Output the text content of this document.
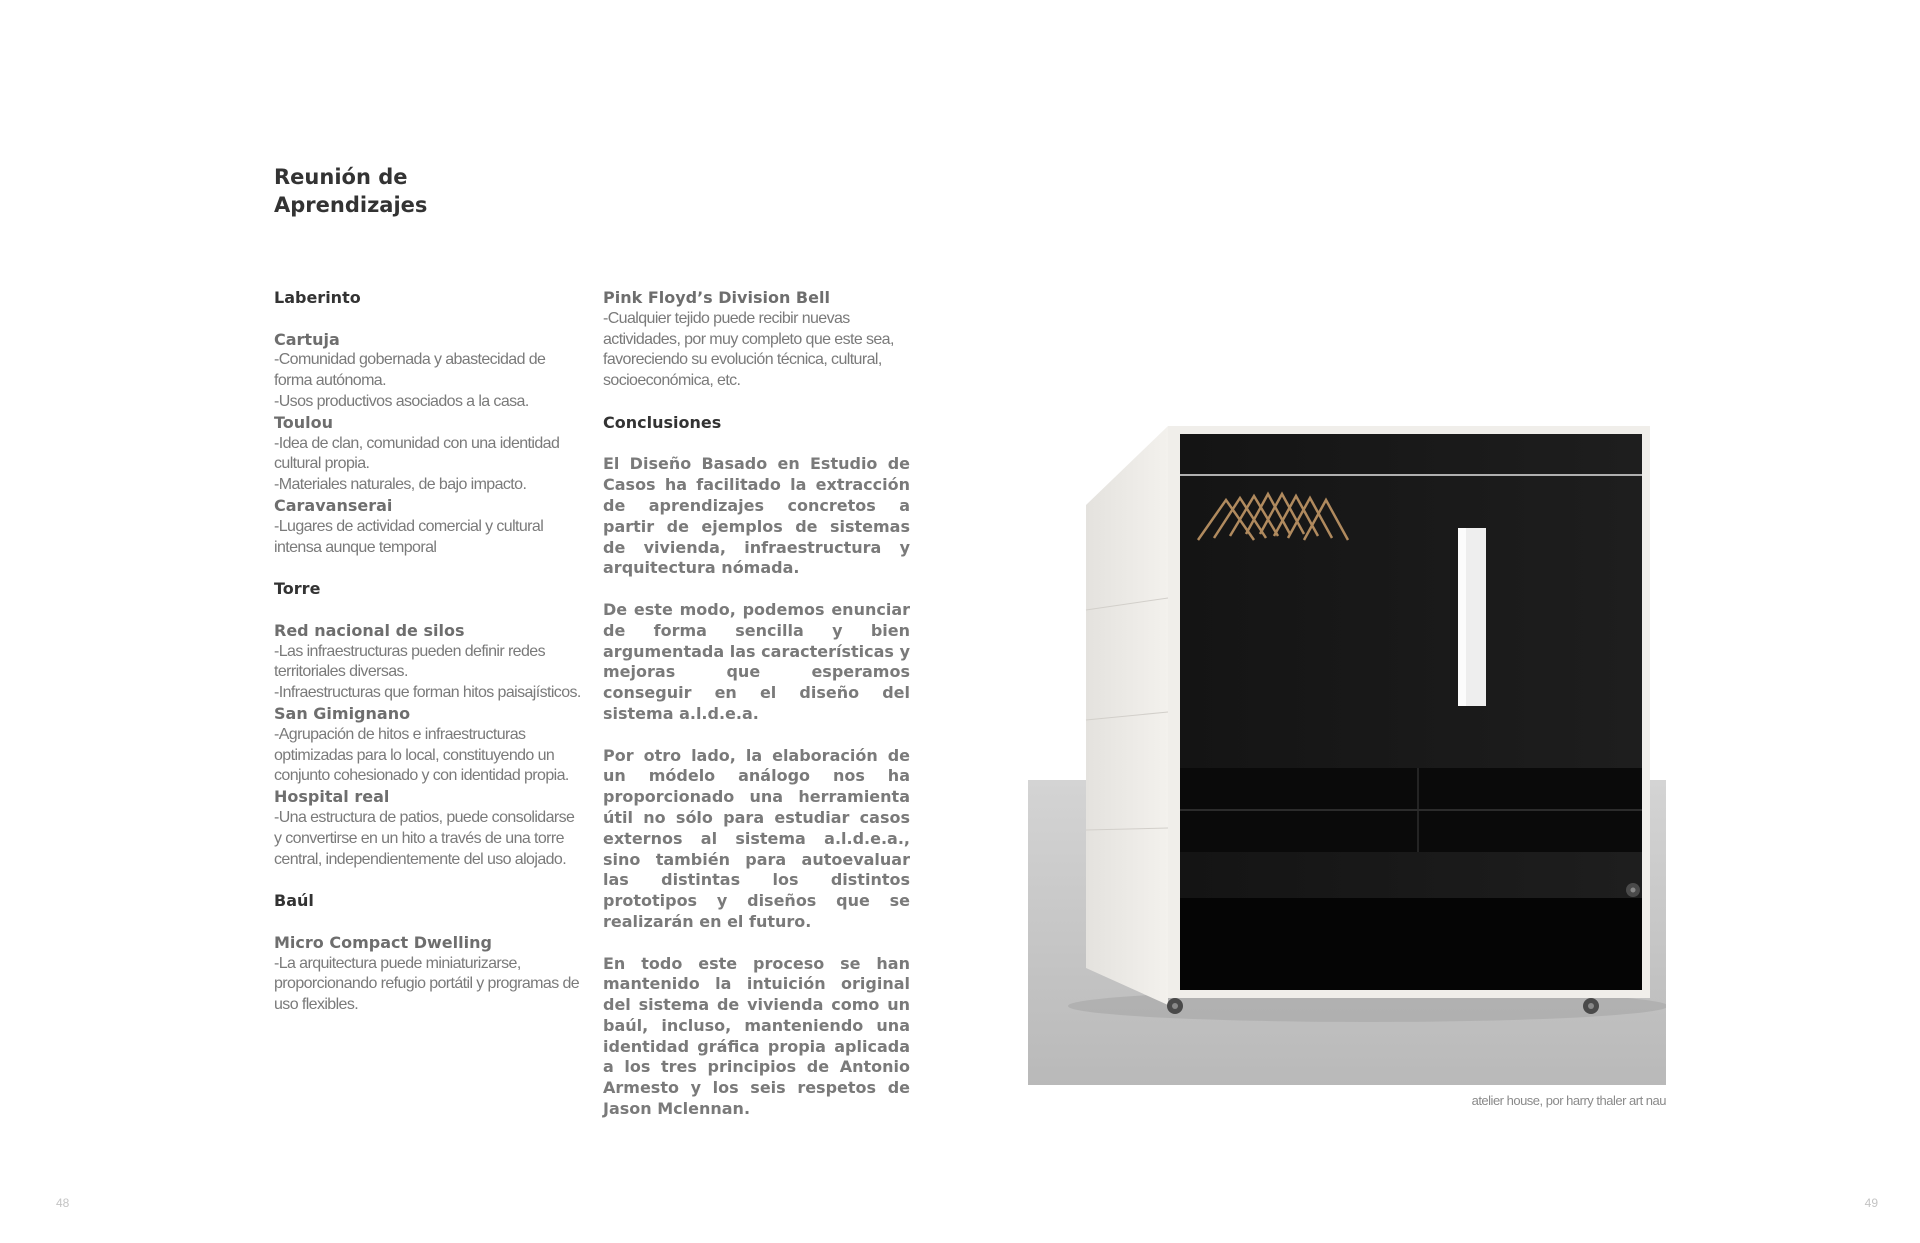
Reunión de
Aprendizajes
Laberinto
Cartuja

-Comunidad gobernada y abastecidad de forma autónoma.

-Usos productivos asociados a la casa.

Toulou

-Idea de clan, comunidad con una identidad cultural propia.

-Materiales naturales, de bajo impacto.

Caravanserai

-Lugares de actividad comercial y cultural intensa aunque temporal

Torre
Red nacional de silos

-Las infraestructuras pueden definir redes territoriales diversas.

-Infraestructuras que forman hitos paisajísticos.

San Gimignano

-Agrupación de hitos e infraestructuras optimizadas para lo local, constituyendo un conjunto cohesionado y con identidad propia.

Hospital real

-Una estructura de patios, puede consolidarse y convertirse en un hito a través de una torre central, independientemente del uso alojado.

Baúl
Micro Compact Dwelling

-La arquitectura puede miniaturizarse, proporcionando refugio portátil y programas de uso flexibles.

Pink Floyd’s Division Bell

-Cualquier tejido puede recibir nuevas actividades, por muy completo que este sea, favoreciendo su evolución técnica, cultural, socioeconómica, etc.

Conclusiones

El Diseño Basado en Estudio de Casos ha facilitado la extracción de aprendizajes concretos a partir de ejemplos de sistemas de vivienda, infraestructura y arquitectura nómada.

De este modo, podemos enunciar de forma sencilla y bien argumentada las características y mejoras que esperamos conseguir en el diseño del sistema a.l.d.e.a.

Por otro lado, la elaboración de un módelo análogo nos ha proporcionado una herramienta útil no sólo para estudiar casos externos al sistema a.l.d.e.a., sino también para autoevaluar las distintas los distintos prototipos y diseños que se realizarán en el futuro.

En todo este proceso se han mantenido la intuición original del sistema de vivienda como un baúl, incluso, manteniendo una identidad gráfica propia aplicada a los tres principios de Antonio Armesto y los seis respetos de Jason Mclennan.	atelier house, por harry thaler art nau
48	49
